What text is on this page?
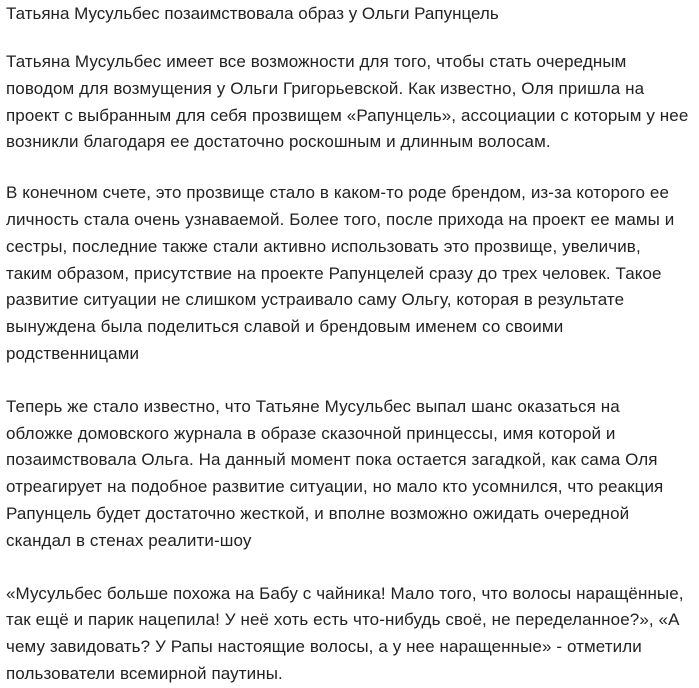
Татьяна Мусульбес позаимствовала образ у Ольги Рапунцель

Татьяна Мусульбес имеет все возможности для того, чтобы стать очередным поводом для возмущения у Ольги Григорьевской. Как известно, Оля пришла на проект с выбранным для себя прозвищем «Рапунцель», ассоциации с которым у нее возникли благодаря ее достаточно роскошным и длинным волосам.

В конечном счете, это прозвище стало в каком-то роде брендом, из-за которого ее личность стала очень узнаваемой. Более того, после прихода на проект ее мамы и сестры, последние также стали активно использовать это прозвище, увеличив, таким образом, присутствие на проекте Рапунцелей сразу до трех человек. Такое развитие ситуации не слишком устраивало саму Ольгу, которая в результате вынуждена была поделиться славой и брендовым именем со своими родственницами

Теперь же стало известно, что Татьяне Мусульбес выпал шанс оказаться на обложке домовского журнала в образе сказочной принцессы, имя которой и позаимствовала Ольга. На данный момент пока остается загадкой, как сама Оля отреагирует на подобное развитие ситуации, но мало кто усомнился, что реакция Рапунцель будет достаточно жесткой, и вполне возможно ожидать очередной скандал в стенах реалити-шоу

«Мусульбес больше похожа на Бабу с чайника! Мало того, что волосы наращённые, так ещё и парик нацепила! У неё хоть есть что-нибудь своё, не переделанное?», «А чему завидовать? У Рапы настоящие волосы, а у нее наращенные» - отметили пользователи всемирной паутины.
